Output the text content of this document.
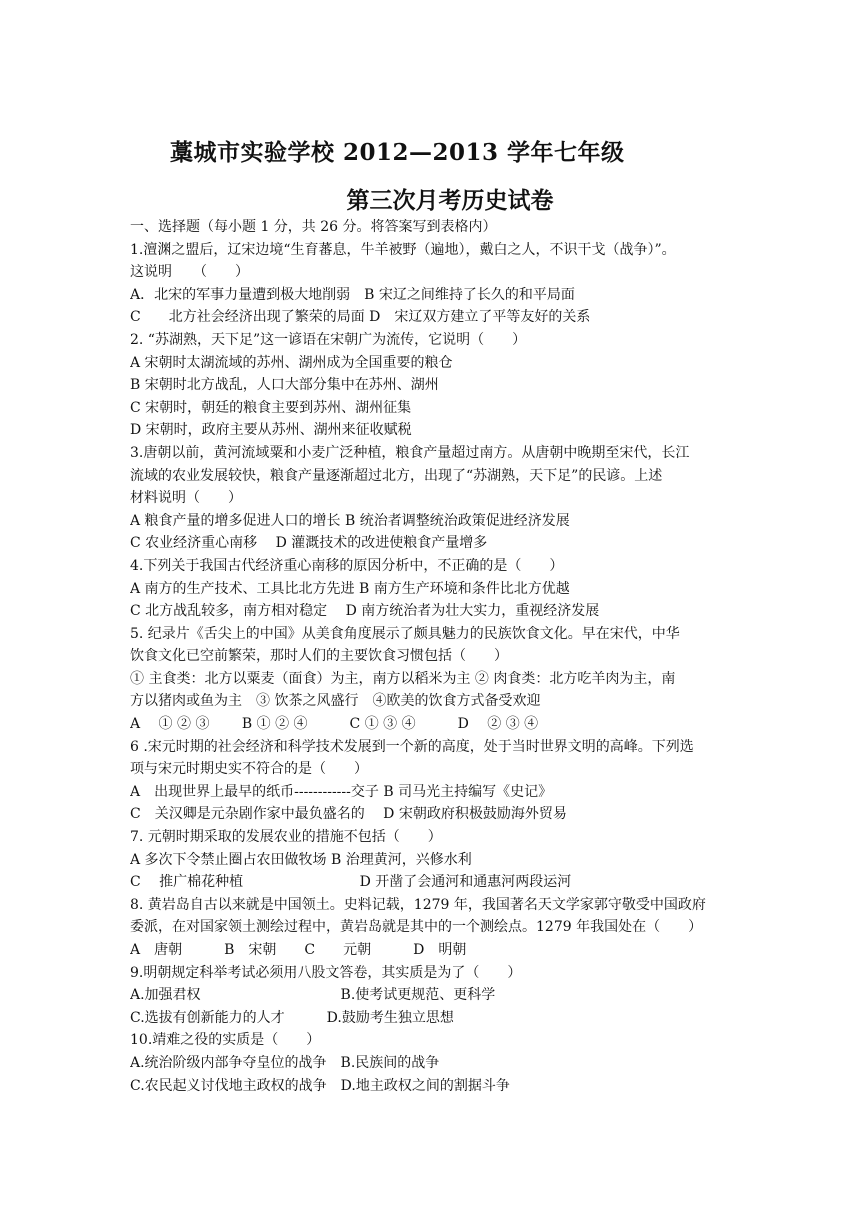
藁城市实验学校 2012—2013 学年七年级
第三次月考历史试卷
一、选择题（每小题 1 分，共 26 分。将答案写到表格内）
1.澶渊之盟后，辽宋边境“生育蕃息，牛羊被野（遍地），戴白之人，不识干戈（战争）”。
这说明　　（　　）
A．北宋的军事力量遭到极大地削弱　B 宋辽之间维持了长久的和平局面
C　　北方社会经济出现了繁荣的局面 D　宋辽双方建立了平等友好的关系
2. “苏湖熟，天下足”这一谚语在宋朝广为流传，它说明（　　）
A 宋朝时太湖流域的苏州、湖州成为全国重要的粮仓
B 宋朝时北方战乱，人口大部分集中在苏州、湖州
C 宋朝时，朝廷的粮食主要到苏州、湖州征集
D 宋朝时，政府主要从苏州、湖州来征收赋税
3.唐朝以前，黄河流域粟和小麦广泛种植，粮食产量超过南方。从唐朝中晚期至宋代，长江
流域的农业发展较快，粮食产量逐渐超过北方，出现了“苏湖熟，天下足”的民谚。上述
材料说明（　　）
A 粮食产量的增多促进人口的增长 B 统治者调整统治政策促进经济发展
C 农业经济重心南移　 D 灌溉技术的改进使粮食产量增多
4.下列关于我国古代经济重心南移的原因分析中，不正确的是（　　）
A 南方的生产技术、工具比北方先进 B 南方生产环境和条件比北方优越
C 北方战乱较多，南方相对稳定　 D 南方统治者为壮大实力，重视经济发展
5. 纪录片《舌尖上的中国》从美食角度展示了颇具魅力的民族饮食文化。早在宋代，中华
饮食文化已空前繁荣，那时人们的主要饮食习惯包括（　　）
① 主食类：北方以粟麦（面食）为主，南方以稻米为主 ② 肉食类：北方吃羊肉为主，南
方以猪肉或鱼为主　③ 饮茶之风盛行　④欧美的饮食方式备受欢迎
A　 ① ② ③　　 B ① ② ④　　　C ① ③ ④　　　D　 ② ③ ④
6 .宋元时期的社会经济和科学技术发展到一个新的高度，处于当时世界文明的高峰。下列选
项与宋元时期史实不符合的是（　　）
A　出现世界上最早的纸币------------交子 B 司马光主持编写《史记》
C　关汉卿是元杂剧作家中最负盛名的　 D 宋朝政府积极鼓励海外贸易
7. 元朝时期采取的发展农业的措施不包括（　　）
A 多次下令禁止圈占农田做牧场 B 治理黄河，兴修水利
C　 推广棉花种植　　　　　　　　 D 开凿了会通河和通惠河两段运河
8. 黄岩岛自古以来就是中国领土。史料记载，1279 年，我国著名天文学家郭守敬受中国政府
委派，在对国家领土测绘过程中，黄岩岛就是其中的一个测绘点。1279 年我国处在（　　）
A　唐朝　　　B　宋朝　　C　　元朝　　　D　明朝
9.明朝规定科举考试必须用八股文答卷，其实质是为了（　　）
A.加强君权　　　　　　　　　　B.使考试更规范、更科学
C.选拔有创新能力的人才　　　D.鼓励考生独立思想
10.靖难之役的实质是（　　）
A.统治阶级内部争夺皇位的战争　B.民族间的战争
C.农民起义讨伐地主政权的战争　D.地主政权之间的割据斗争
